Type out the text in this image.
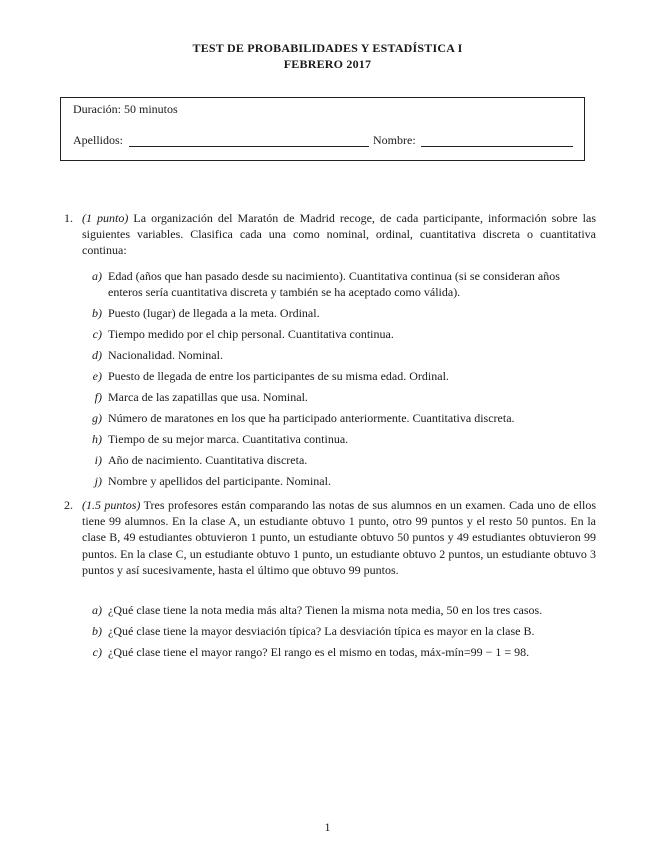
TEST DE PROBABILIDADES Y ESTADÍSTICA I
FEBRERO 2017
Duración: 50 minutos
Apellidos:	Nombre:
1. (1 punto) La organización del Maratón de Madrid recoge, de cada participante, información sobre las siguientes variables. Clasifica cada una como nominal, ordinal, cuantitativa discreta o cuantitativa continua:
a) Edad (años que han pasado desde su nacimiento). Cuantitativa continua (si se consideran años enteros sería cuantitativa discreta y también se ha aceptado como válida).
b) Puesto (lugar) de llegada a la meta. Ordinal.
c) Tiempo medido por el chip personal. Cuantitativa continua.
d) Nacionalidad. Nominal.
e) Puesto de llegada de entre los participantes de su misma edad. Ordinal.
f) Marca de las zapatillas que usa. Nominal.
g) Número de maratones en los que ha participado anteriormente. Cuantitativa discreta.
h) Tiempo de su mejor marca. Cuantitativa continua.
i) Año de nacimiento. Cuantitativa discreta.
j) Nombre y apellidos del participante. Nominal.
2. (1.5 puntos) Tres profesores están comparando las notas de sus alumnos en un examen. Cada uno de ellos tiene 99 alumnos. En la clase A, un estudiante obtuvo 1 punto, otro 99 puntos y el resto 50 puntos. En la clase B, 49 estudiantes obtuvieron 1 punto, un estudiante obtuvo 50 puntos y 49 estudiantes obtuvieron 99 puntos. En la clase C, un estudiante obtuvo 1 punto, un estudiante obtuvo 2 puntos, un estudiante obtuvo 3 puntos y así sucesivamente, hasta el último que obtuvo 99 puntos.
a) ¿Qué clase tiene la nota media más alta? Tienen la misma nota media, 50 en los tres casos.
b) ¿Qué clase tiene la mayor desviación típica? La desviación típica es mayor en la clase B.
c) ¿Qué clase tiene el mayor rango? El rango es el mismo en todas, máx-mín=99 − 1 = 98.
1
